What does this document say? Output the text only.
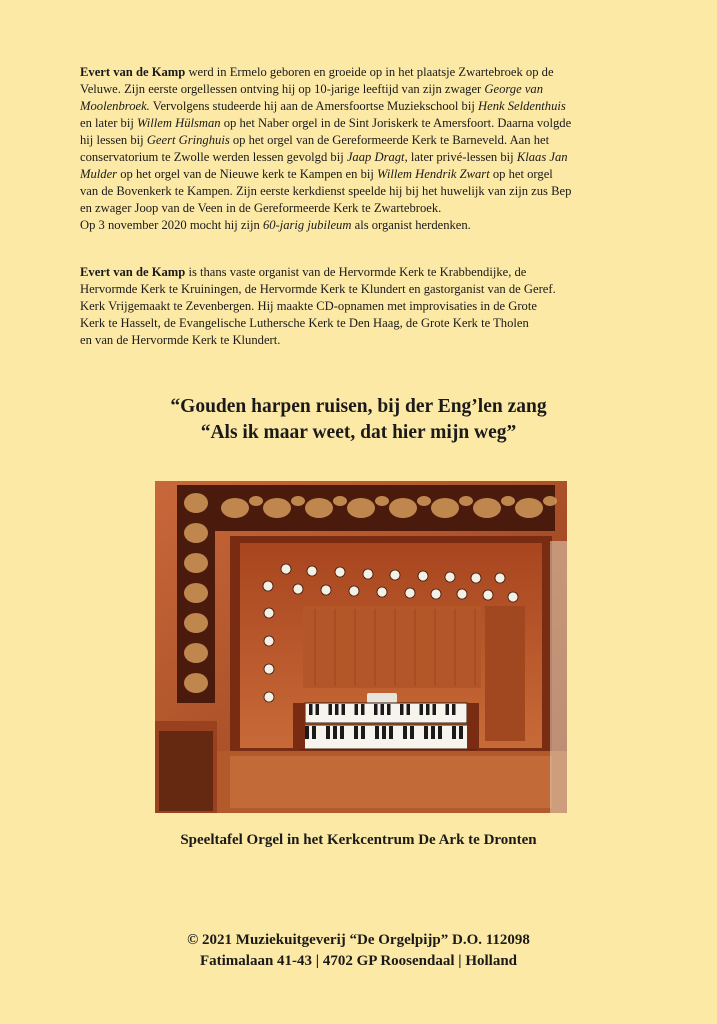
Evert van de Kamp werd in Ermelo geboren en groeide op in het plaatsje Zwartebroek op de
Veluwe. Zijn eerste orgellessen ontving hij op 10-jarige leeftijd van zijn zwager George van
Moolenbroek. Vervolgens studeerde hij aan de Amersfoortse Muziekschool bij Henk Seldenthuis
en later bij Willem Hülsman op het Naber orgel in de Sint Joriskerk te Amersfoort. Daarna volgde
hij lessen bij Geert Gringhuis op het orgel van de Gereformeerde Kerk te Barneveld. Aan het
conservatorium te Zwolle werden lessen gevolgd bij Jaap Dragt, later privé-lessen bij Klaas Jan
Mulder op het orgel van de Nieuwe kerk te Kampen en bij Willem Hendrik Zwart op het orgel
van de Bovenkerk te Kampen. Zijn eerste kerkdienst speelde hij bij het huwelijk van zijn zus Bep
en zwager Joop van de Veen in de Gereformeerde Kerk te Zwartebroek.
Op 3 november 2020 mocht hij zijn 60-jarig jubileum als organist herdenken.
Evert van de Kamp is thans vaste organist van de Hervormde Kerk te Krabbendijke, de
Hervormde Kerk te Kruiningen, de Hervormde Kerk te Klundert en gastorganist van de Geref.
Kerk Vrijgemaakt te Zevenbergen. Hij maakte CD-opnamen met improvisaties in de Grote
Kerk te Hasselt, de Evangelische Luthersche Kerk te Den Haag, de Grote Kerk te Tholen
en van de Hervormde Kerk te Klundert.
“Gouden harpen ruisen, bij der Eng’len zang
“Als ik maar weet, dat hier mijn weg”
Speeltafel Orgel in het Kerkcentrum De Ark te Dronten
© 2021 Muziekuitgeverij “De Orgelpijp” D.O. 112098
Fatimalaan 41-43 | 4702 GP Roosendaal | Holland
